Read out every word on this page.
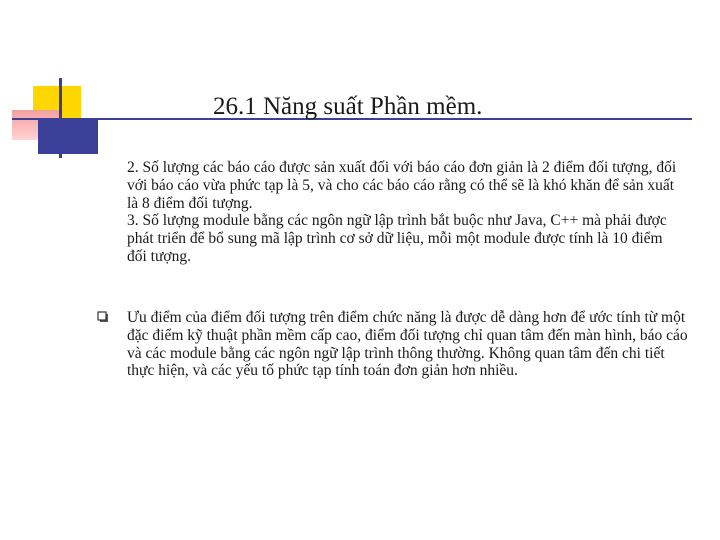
26.1 Năng suất Phần mềm.

2. Số lượng các báo cáo được sản xuất đối với báo cáo đơn giản là 2 điểm đối tượng, đối với báo cáo vừa phức tạp là 5, và cho các báo cáo rằng có thể sẽ là khó khăn để sản xuất là 8 điểm đối tượng.

3. Số lượng module bằng các ngôn ngữ lập trình bắt buộc như Java, C++ mà phải được phát triển để bổ sung mã lập trình cơ sở dữ liệu, mỗi một module được tính là 10 điểm đối tượng.

Ưu điểm của điểm đối tượng trên điểm chức năng là được dễ dàng hơn để ước tính từ một đặc điểm kỹ thuật phần mềm cấp cao, điểm đối tượng chỉ quan tâm đến màn hình, báo cáo và các module bằng các ngôn ngữ lập trình thông thường. Không quan tâm đến chi tiết thực hiện, và các yếu tố phức tạp tính toán đơn giản hơn nhiều.
